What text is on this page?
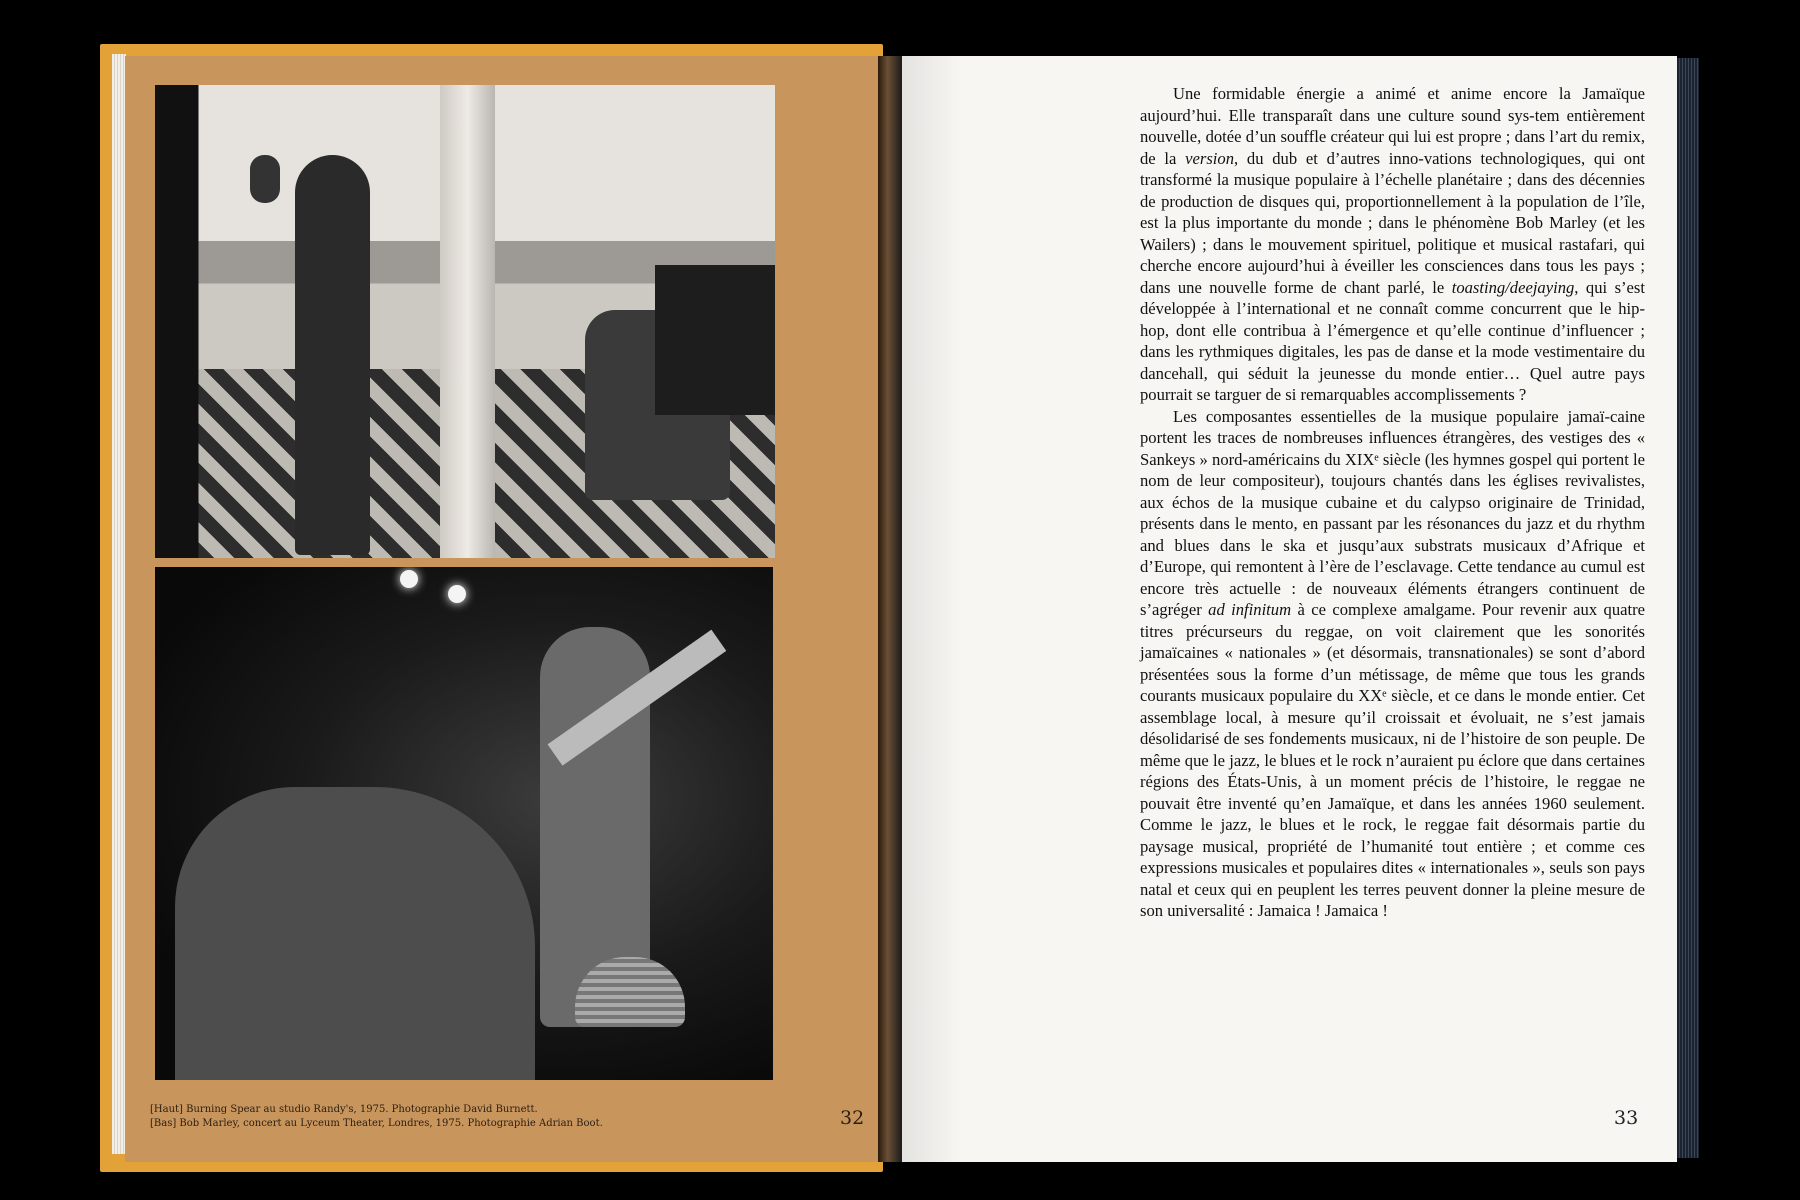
[Haut] Burning Spear au studio Randy's, 1975. Photographie David Burnett.
[Bas] Bob Marley, concert au Lyceum Theater, Londres, 1975. Photographie Adrian Boot.	32

Une formidable énergie a animé et anime encore la Jamaïque aujourd’hui. Elle transparaît dans une culture sound sys-tem entièrement nouvelle, dotée d’un souffle créateur qui lui est propre ; dans l’art du remix, de la version, du dub et d’autres inno-vations technologiques, qui ont transformé la musique populaire à l’échelle planétaire ; dans des décennies de production de disques qui, proportionnellement à la population de l’île, est la plus importante du monde ; dans le phénomène Bob Marley (et les Wailers) ; dans le mouvement spirituel, politique et musical rastafari, qui cherche encore aujourd’hui à éveiller les consciences dans tous les pays ; dans une nouvelle forme de chant parlé, le toasting/deejaying, qui s’est développée à l’international et ne connaît comme concurrent que le hip-hop, dont elle contribua à l’émergence et qu’elle continue d’influencer ; dans les rythmiques digitales, les pas de danse et la mode vestimentaire du dancehall, qui séduit la jeunesse du monde entier… Quel autre pays pourrait se targuer de si remarquables accomplissements ?

Les composantes essentielles de la musique populaire jamaï-caine portent les traces de nombreuses influences étrangères, des vestiges des « Sankeys » nord-américains du XIXᵉ siècle (les hymnes gospel qui portent le nom de leur compositeur), toujours chantés dans les églises revivalistes, aux échos de la musique cubaine et du calypso originaire de Trinidad, présents dans le mento, en passant par les résonances du jazz et du rhythm and blues dans le ska et jusqu’aux substrats musicaux d’Afrique et d’Europe, qui remontent à l’ère de l’esclavage. Cette tendance au cumul est encore très actuelle : de nouveaux éléments étrangers continuent de s’agréger ad infinitum à ce complexe amalgame. Pour revenir aux quatre titres précurseurs du reggae, on voit clairement que les sonorités jamaïcaines « nationales » (et désormais, transnationales) se sont d’abord présentées sous la forme d’un métissage, de même que tous les grands courants musicaux populaire du XXᵉ siècle, et ce dans le monde entier. Cet assemblage local, à mesure qu’il croissait et évoluait, ne s’est jamais désolidarisé de ses fondements musicaux, ni de l’histoire de son peuple. De même que le jazz, le blues et le rock n’auraient pu éclore que dans certaines régions des États-Unis, à un moment précis de l’histoire, le reggae ne pouvait être inventé qu’en Jamaïque, et dans les années 1960 seulement. Comme le jazz, le blues et le rock, le reggae fait désormais partie du paysage musical, propriété de l’humanité tout entière ; et comme ces expressions musicales et populaires dites « internationales », seuls son pays natal et ceux qui en peuplent les terres peuvent donner la pleine mesure de son universalité : Jamaica ! Jamaica !

33
